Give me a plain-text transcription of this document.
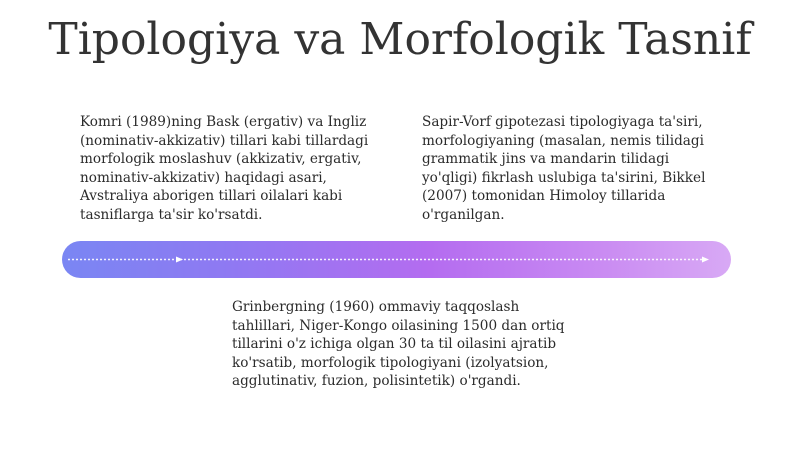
Tipologiya va Morfologik Tasnif

Komri (1989)ning Bask (ergativ) va Ingliz (nominativ-akkizativ) tillari kabi tillardagi morfologik moslashuv (akkizativ, ergativ, nominativ-akkizativ) haqidagi asari, Avstraliya aborigen tillari oilalari kabi tasniflarga ta'sir ko'rsatdi.

Sapir-Vorf gipotezasi tipologiyaga ta'siri, morfologiyaning (masalan, nemis tilidagi grammatik jins va mandarin tilidagi yo'qligi) fikrlash uslubiga ta'sirini, Bikkel (2007) tomonidan Himoloy tillarida o'rganilgan.

Grinbergning (1960) ommaviy taqqoslash tahlillari, Niger-Kongo oilasining 1500 dan ortiq tillarini o'z ichiga olgan 30 ta til oilasini ajratib ko'rsatib, morfologik tipologiyani (izolyatsion, agglutinativ, fuzion, polisintetik) o'rgandi.
